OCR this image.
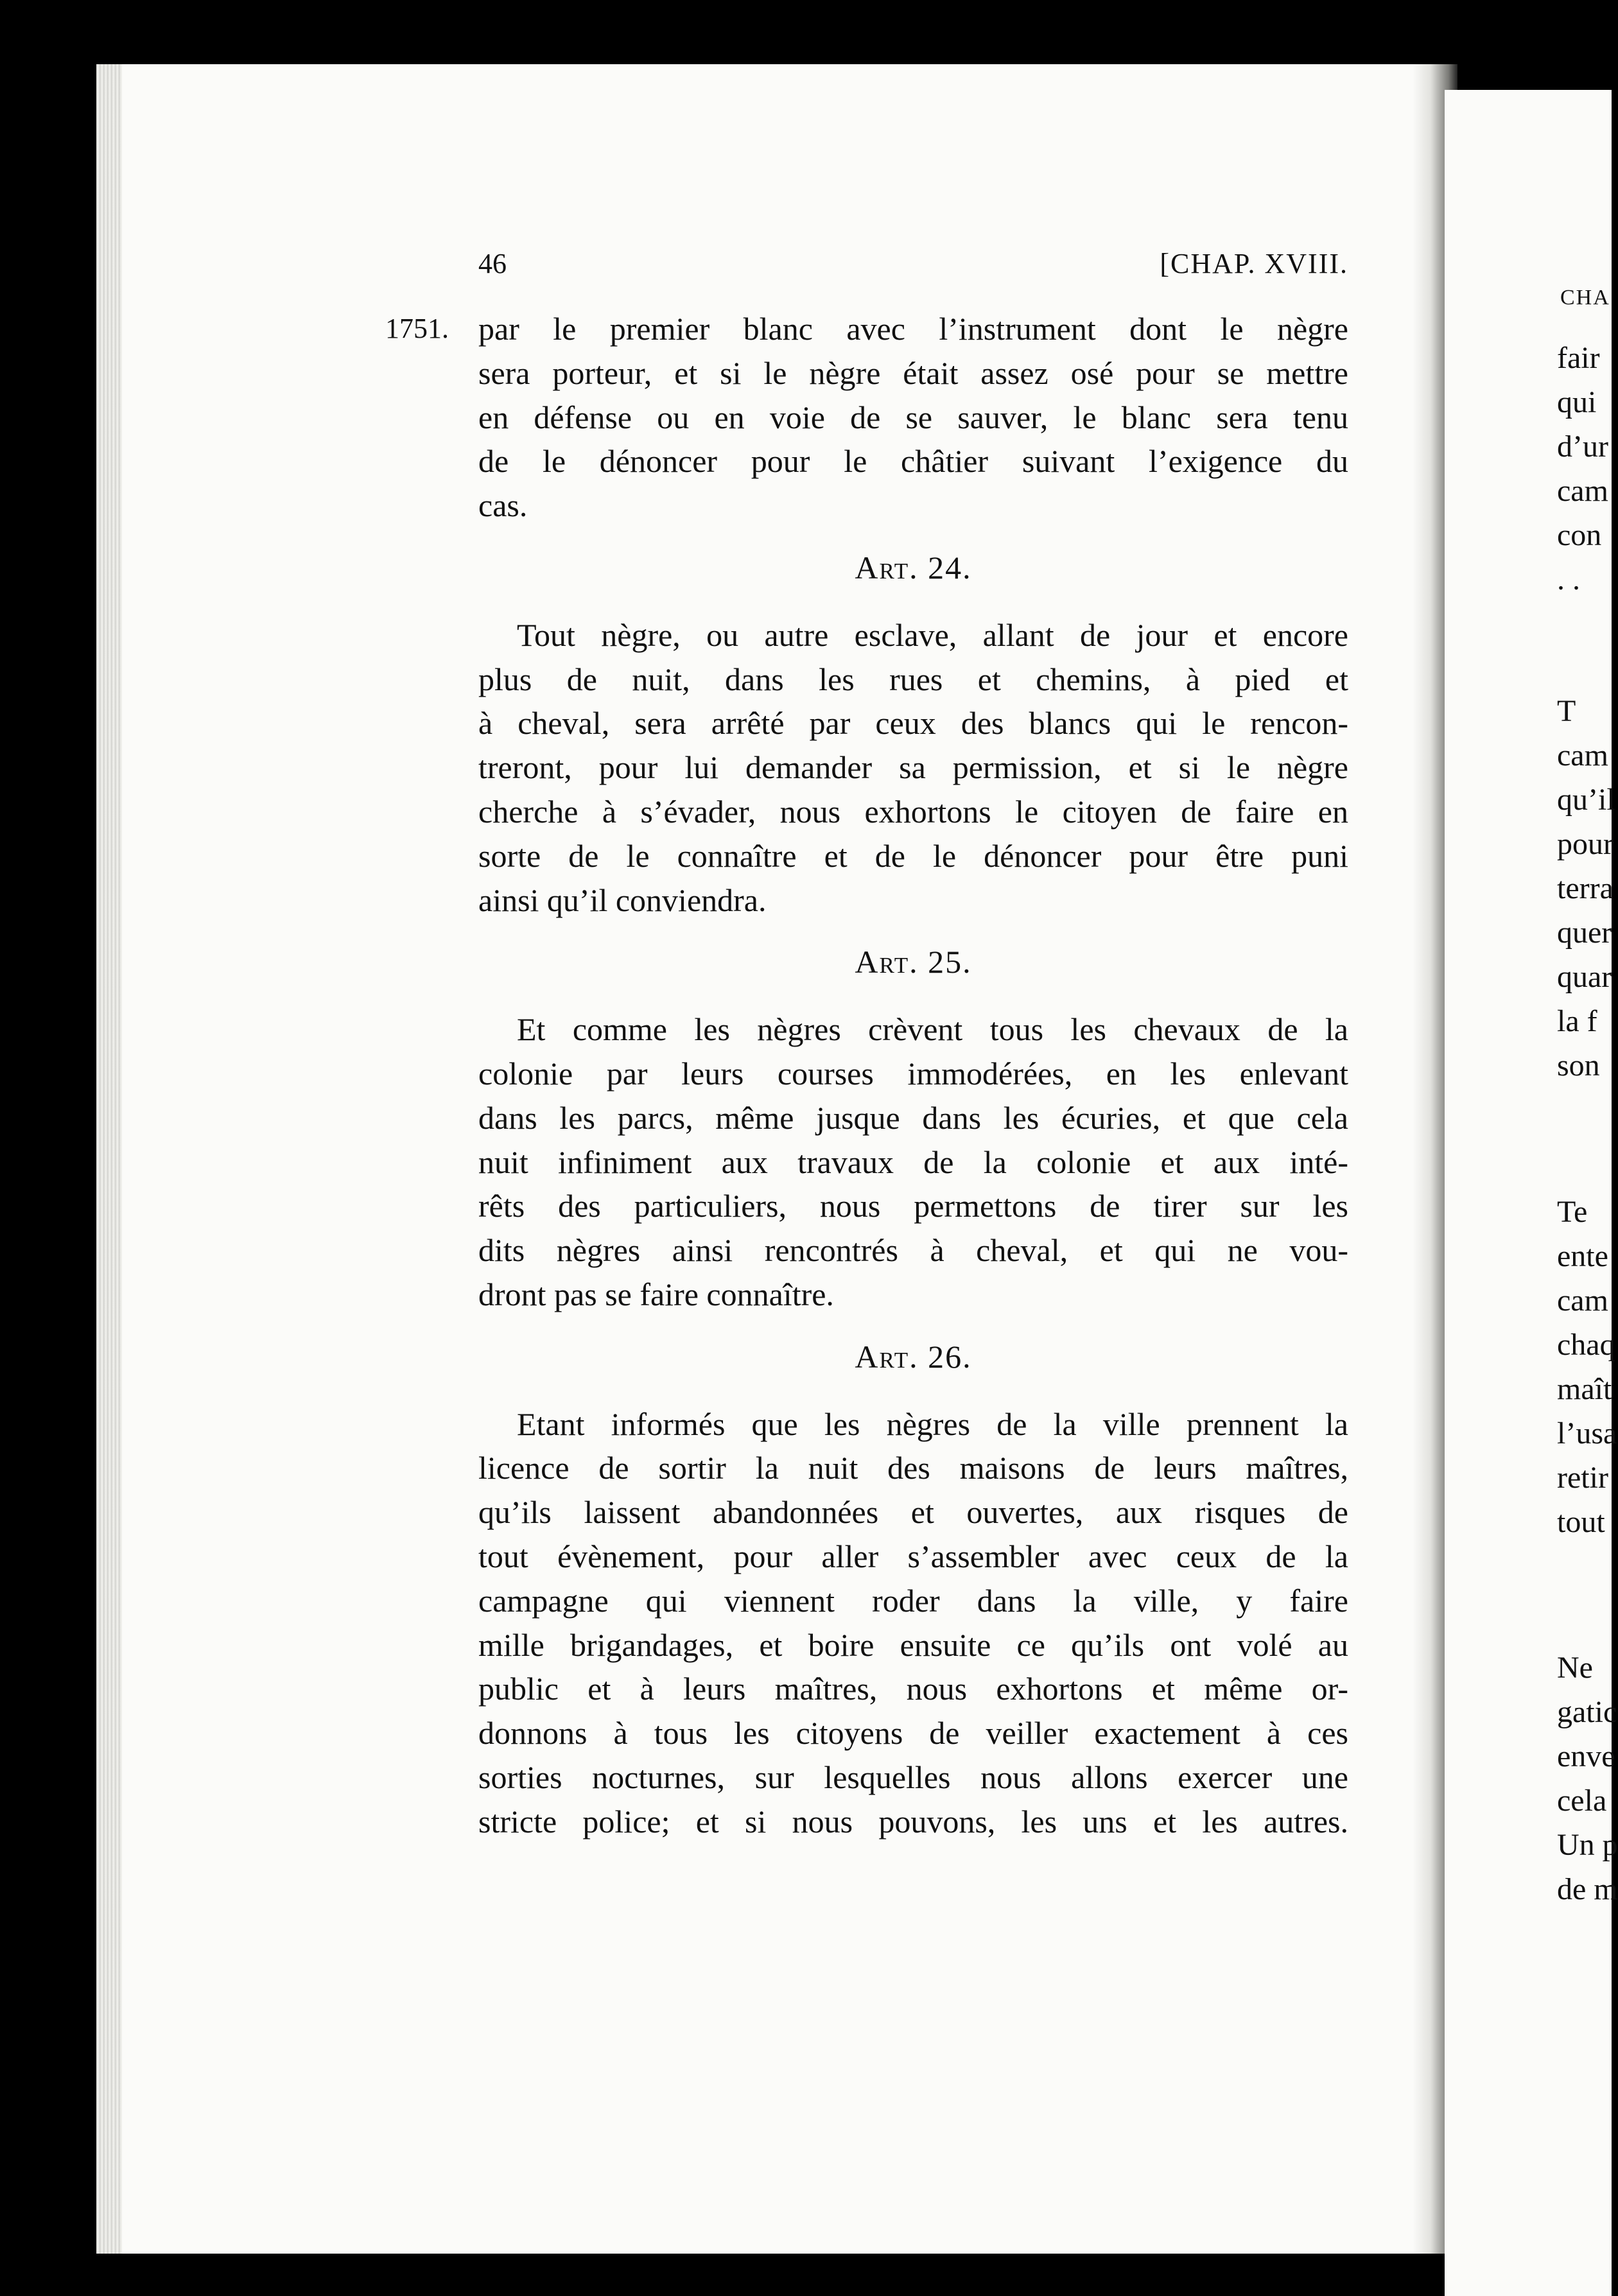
46	[CHAP. XVIII.
1751. par le premier blanc avec l’instrument dont le nègre
sera porteur, et si le nègre était assez osé pour se mettre
en défense ou en voie de se sauver, le blanc sera tenu
de le dénoncer pour le châtier suivant l’exigence du
cas.
Art. 24.
Tout nègre, ou autre esclave, allant de jour et encore
plus de nuit, dans les rues et chemins, à pied et
à cheval, sera arrêté par ceux des blancs qui le rencon-
treront, pour lui demander sa permission, et si le nègre
cherche à s’évader, nous exhortons le citoyen de faire en
sorte de le connaître et de le dénoncer pour être puni
ainsi qu’il conviendra.
Art. 25.
Et comme les nègres crèvent tous les chevaux de la
colonie par leurs courses immodérées, en les enlevant
dans les parcs, même jusque dans les écuries, et que cela
nuit infiniment aux travaux de la colonie et aux inté-
rêts des particuliers, nous permettons de tirer sur les
dits nègres ainsi rencontrés à cheval, et qui ne vou-
dront pas se faire connaître.
Art. 26.
Etant informés que les nègres de la ville prennent la
licence de sortir la nuit des maisons de leurs maîtres,
qu’ils laissent abandonnées et ouvertes, aux risques de
tout évènement, pour aller s’assembler avec ceux de la
campagne qui viennent roder dans la ville, y faire
mille brigandages, et boire ensuite ce qu’ils ont volé au
public et à leurs maîtres, nous exhortons et même or-
donnons à tous les citoyens de veiller exactement à ces
sorties nocturnes, sur lesquelles nous allons exercer une
stricte police; et si nous pouvons, les uns et les autres.
CHA
fair
qui
d’ur
cam
con
. .
T
cam
qu’il
pour
terra
quer
quar
la f
son
Te
ente
cam
chaq
maît
l’usa
retir
tout
Ne
gatic
enve
cela
Un p
de m
